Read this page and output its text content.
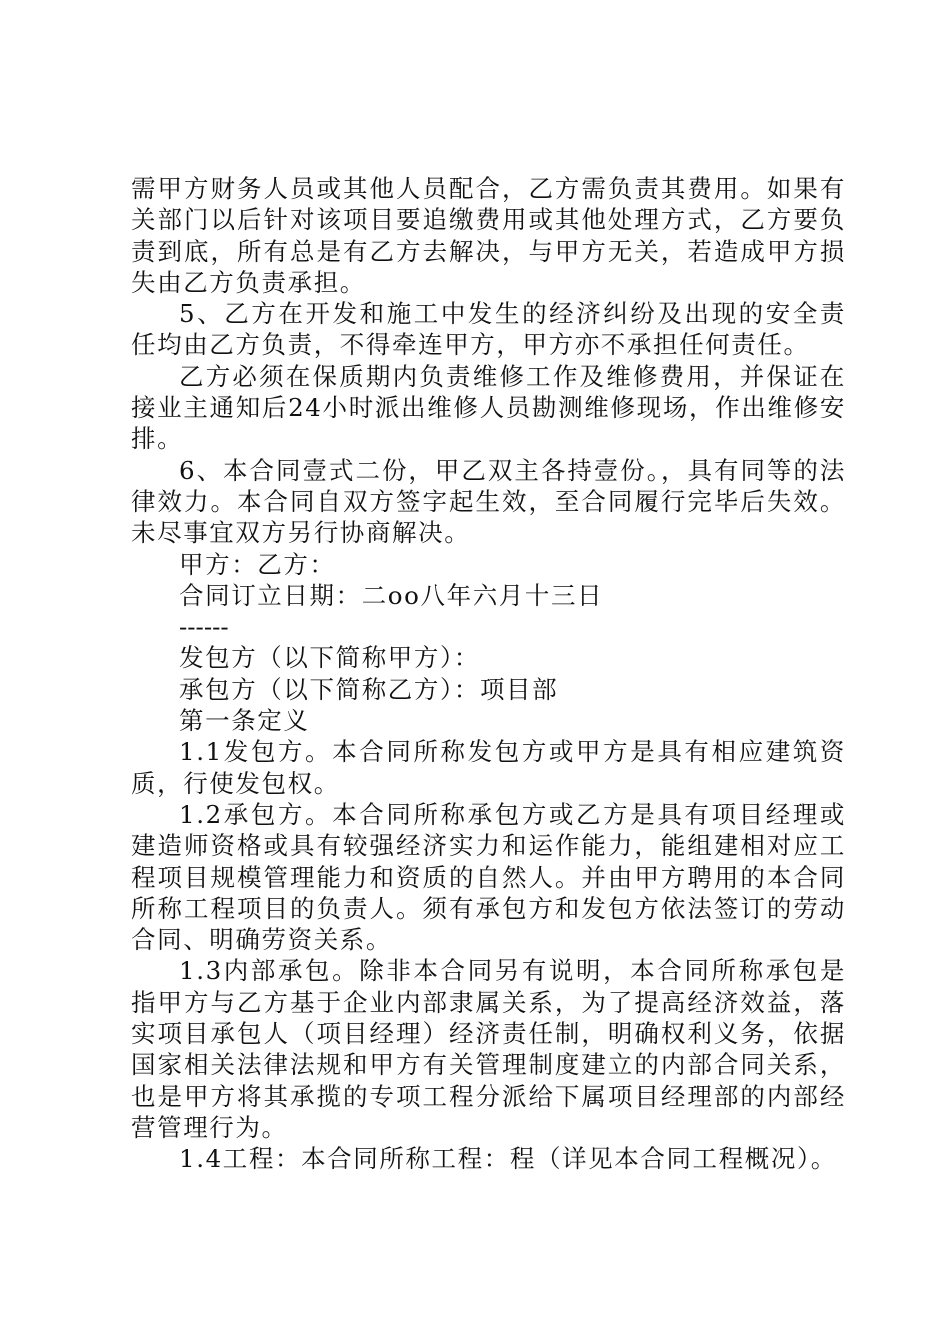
需甲方财务人员或其他人员配合，乙方需负责其费用。如果有关部门以后针对该项目要追缴费用或其他处理方式，乙方要负责到底，所有总是有乙方去解决，与甲方无关，若造成甲方损失由乙方负责承担。

5、乙方在开发和施工中发生的经济纠纷及出现的安全责任均由乙方负责，不得牵连甲方，甲方亦不承担任何责任。

乙方必须在保质期内负责维修工作及维修费用，并保证在接业主通知后24小时派出维修人员勘测维修现场，作出维修安排。

6、本合同壹式二份，甲乙双主各持壹份。，具有同等的法律效力。本合同自双方签字起生效，至合同履行完毕后失效。未尽事宜双方另行协商解决。

甲方：乙方：

合同订立日期：二oo八年六月十三日

------

发包方（以下简称甲方）：

承包方（以下简称乙方）：项目部

第一条定义

1.1发包方。本合同所称发包方或甲方是具有相应建筑资质，行使发包权。

1.2承包方。本合同所称承包方或乙方是具有项目经理或建造师资格或具有较强经济实力和运作能力，能组建相对应工程项目规模管理能力和资质的自然人。并由甲方聘用的本合同所称工程项目的负责人。须有承包方和发包方依法签订的劳动合同、明确劳资关系。

1.3内部承包。除非本合同另有说明，本合同所称承包是指甲方与乙方基于企业内部隶属关系，为了提高经济效益，落实项目承包人（项目经理）经济责任制，明确权利义务，依据国家相关法律法规和甲方有关管理制度建立的内部合同关系，也是甲方将其承揽的专项工程分派给下属项目经理部的内部经营管理行为。

1.4工程：本合同所称工程：程（详见本合同工程概况）。
